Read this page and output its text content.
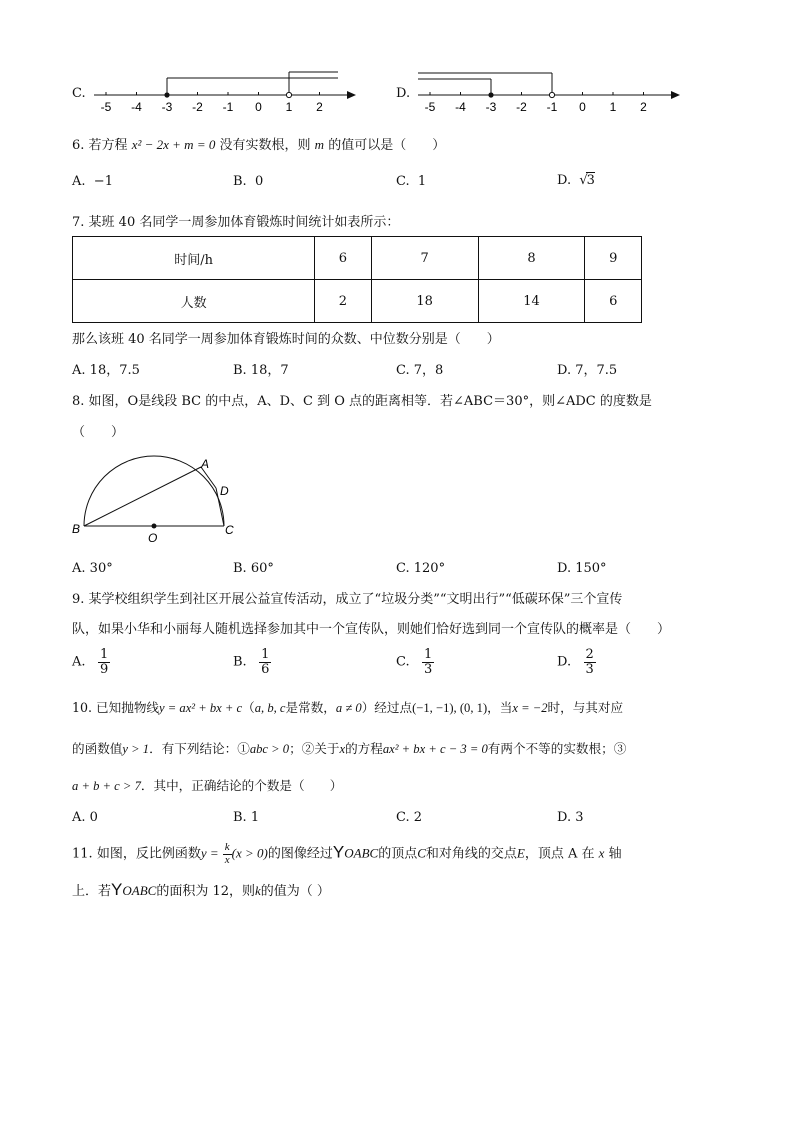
C.
-5 -4 -3 -2 -1 0 1 2
D.
-5 -4 -3 -2 -1 0 1 2
6. 若方程 x² − 2x + m = 0 没有实数根，则 m 的值可以是（　　）
A. −1	B. 0	C. 1	D. √3
7. 某班 40 名同学一周参加体育锻炼时间统计如表所示：
时间/h	6	7	8	9
人数	2	18	14	6
那么该班 40 名同学一周参加体育锻炼时间的众数、中位数分别是（　　）
A. 18，7.5	B. 18，7	C. 7，8	D. 7，7.5
8. 如图，O是线段 BC 的中点，A、D、C 到 O 点的距离相等．若∠ABC＝30°，则∠ADC 的度数是
（　　）
A
D
B	C
O
A. 30°	B. 60°	C. 120°	D. 150°
9. 某学校组织学生到社区开展公益宣传活动，成立了“垃圾分类”“文明出行”“低碳环保”三个宣传
队，如果小华和小丽每人随机选择参加其中一个宣传队，则她们恰好选到同一个宣传队的概率是（　　）
A. $\frac{1}{9}$	B. $\frac{1}{6}$	C. $\frac{1}{3}$	D. $\frac{2}{3}$
10. 已知抛物线y = ax² + bx + c（a, b, c是常数，a ≠ 0）经过点(−1, −1), (0, 1)，当x = −2时，与其对应
的函数值y > 1．有下列结论：①abc > 0；②关于x的方程ax² + bx + c − 3 = 0有两个不等的实数根；③
a + b + c > 7．其中，正确结论的个数是（　　）
A. 0	B. 1	C. 2	D. 3
11. 如图，反比例函数$y = \frac{k}{x} (x > 0)$的图像经过YOABC的顶点C和对角线的交点E，顶点 A 在 x 轴
上．若YOABC的面积为 12，则k的值为（ ）
